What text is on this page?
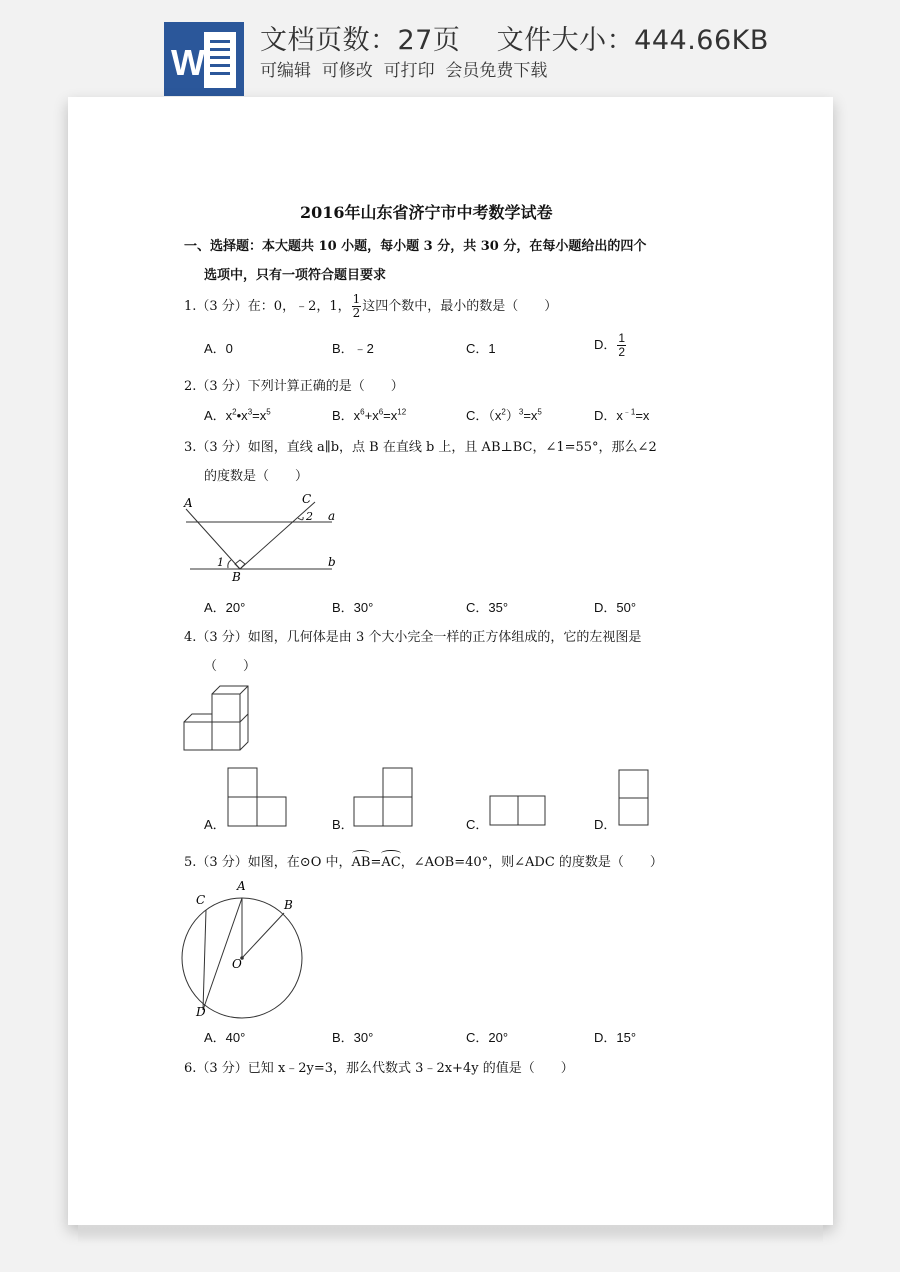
W
文档页数：27页    文件大小：444.66KB
可编辑  可修改  可打印  会员免费下载
2016年山东省济宁市中考数学试卷
一、选择题：本大题共 10 小题，每小题 3 分，共 30 分，在每小题给出的四个
选项中，只有一项符合题目要求
1.（3 分）在：0，﹣2，1， $\frac{1}{2}$ 这四个数中，最小的数是（　　）
A．0	B．﹣2	C．1	D． $\frac{1}{2}$
2.（3 分）下列计算正确的是（　　）
A．$x^2•x^3=x^5$	B．$x^6+x^6=x^{12}$	C．$(x^2)^3=x^5$	D．$x^{﹣1}=x$
3.（3 分）如图，直线 a∥b，点 B 在直线 b 上，且 AB⊥BC，∠1=55°，那么∠2
的度数是（　　）
A	C
2 a
1
B
b
A．20°	B．30°	C．35°	D．50°
4.（3 分）如图，几何体是由 3 个大小完全一样的正方体组成的，它的左视图是
（　　）
A．	B．	C．	D．
5.（3 分）如图，在⊙O 中，AB=AC，∠AOB=40°，则∠ADC 的度数是（　　）
A
B
C
D
O
A．40°	B．30°	C．20°	D．15°
6.（3 分）已知 x﹣2y=3，那么代数式 3﹣2x+4y 的值是（　　）
